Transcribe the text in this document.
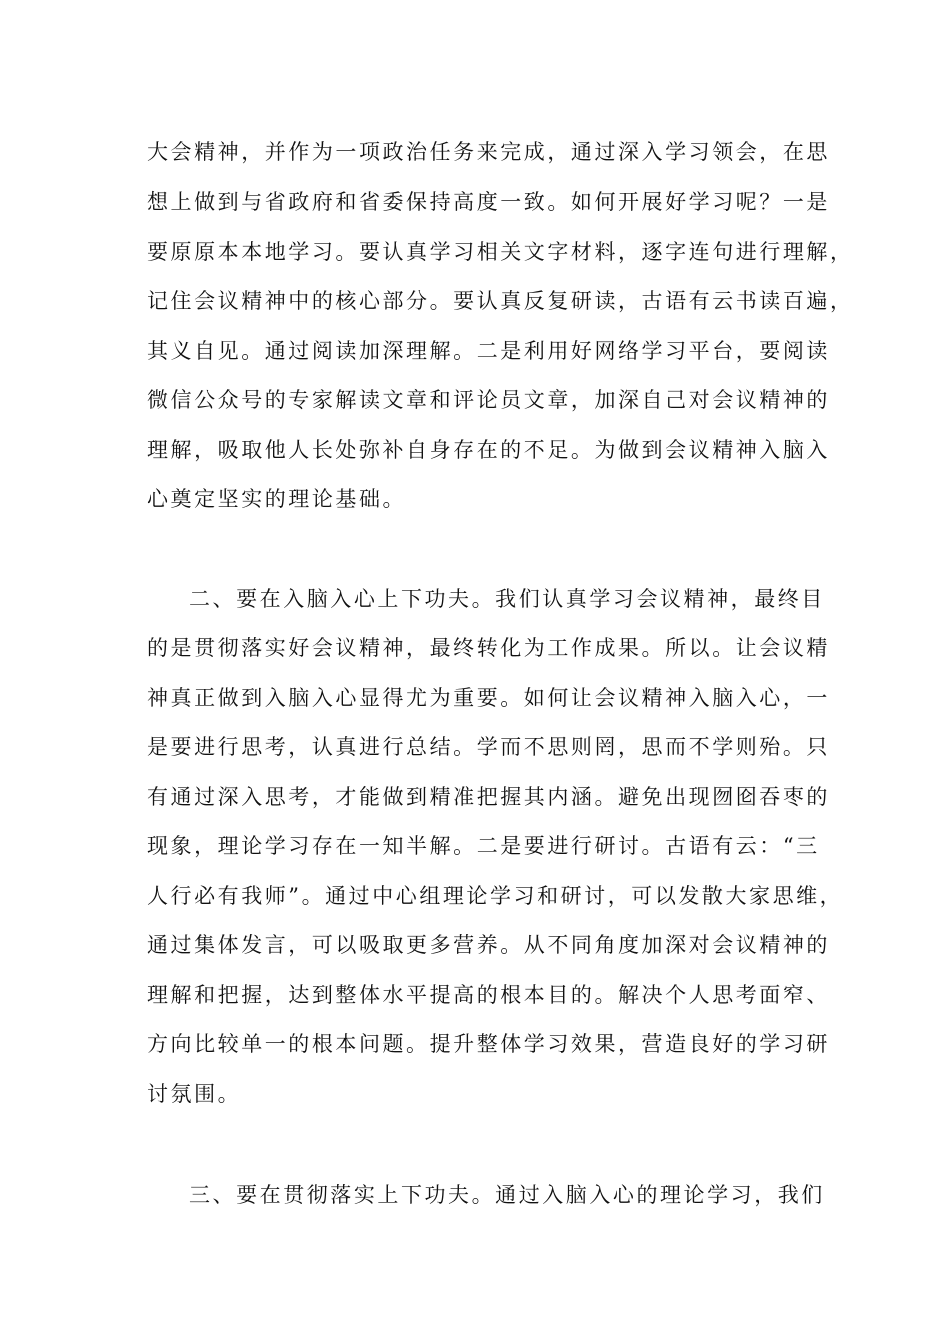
大会精神，并作为一项政治任务来完成，通过深入学习领会，在思
想上做到与省政府和省委保持高度一致。如何开展好学习呢？一是
要原原本本地学习。要认真学习相关文字材料，逐字连句进行理解，
记住会议精神中的核心部分。要认真反复研读，古语有云书读百遍，
其义自见。通过阅读加深理解。二是利用好网络学习平台，要阅读
微信公众号的专家解读文章和评论员文章，加深自己对会议精神的
理解，吸取他人长处弥补自身存在的不足。为做到会议精神入脑入
心奠定坚实的理论基础。
二、要在入脑入心上下功夫。我们认真学习会议精神，最终目
的是贯彻落实好会议精神，最终转化为工作成果。所以。让会议精
神真正做到入脑入心显得尤为重要。如何让会议精神入脑入心，一
是要进行思考，认真进行总结。学而不思则罔，思而不学则殆。只
有通过深入思考，才能做到精准把握其内涵。避免出现囫囵吞枣的
现象，理论学习存在一知半解。二是要进行研讨。古语有云：“三
人行必有我师”。通过中心组理论学习和研讨，可以发散大家思维，
通过集体发言，可以吸取更多营养。从不同角度加深对会议精神的
理解和把握，达到整体水平提高的根本目的。解决个人思考面窄、
方向比较单一的根本问题。提升整体学习效果，营造良好的学习研
讨氛围。
三、要在贯彻落实上下功夫。通过入脑入心的理论学习，我们
